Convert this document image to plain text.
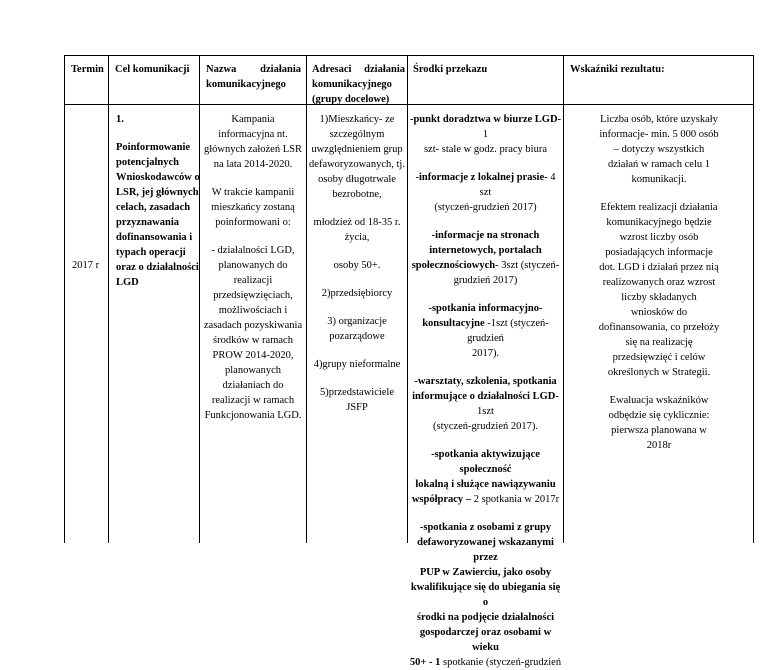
Termin Cel komunikacji Nazwa działania
komunikacyjnego
Adresaci działania
komunikacyjnego
(grupy docelowe)
Środki przekazu	Wskaźniki rezultatu:
2017 r
1.
Poinformowanie
potencjalnych
Wnioskodawców o
LSR, jej głównych
celach, zasadach
przyznawania
dofinansowania i
typach operacji
oraz o działalności
LGD
Kampania
informacyjna nt.
głównych założeń LSR
na lata 2014-2020.
W trakcie kampanii
mieszkańcy zostaną
poinformowani o:
- działalności LGD,
planowanych do
realizacji
przedsięwzięciach,
możliwościach i
zasadach pozyskiwania
środków w ramach
PROW 2014-2020,
planowanych
działaniach do
realizacji w ramach
Funkcjonowania LGD.
1)Mieszkańcy- ze
szczególnym
uwzględnieniem grup
defaworyzowanych, tj.
osoby długotrwale
bezrobotne,
młodzież od 18-35 r.
życia,
osoby 50+.
2)przedsiębiorcy
3) organizacje
pozarządowe
4)grupy nieformalne
5)przedstawiciele
JSFP
-punkt doradztwa w biurze LGD- 1
szt- stale w godz. pracy biura
-informacje z lokalnej prasie- 4 szt
(styczeń-grudzień 2017)
-informacje na stronach
internetowych, portalach
społecznościowych- 3szt (styczeń-
grudzień 2017)
-spotkania informacyjno-
konsultacyjne -1szt (styczeń-grudzień
2017).
-warsztaty, szkolenia, spotkania
informujące o działalności LGD- 1szt
(styczeń-grudzień 2017).
-spotkania aktywizujące społeczność
lokalną i służące nawiązywaniu
współpracy – 2 spotkania w 2017r
-spotkania z osobami z grupy
defaworyzowanej wskazanymi przez
PUP w Zawierciu, jako osoby
kwalifikujące się do ubiegania się o
środki na podjęcie działalności
gospodarczej oraz osobami w wieku
50+ - 1 spotkanie (styczeń-grudzień
Liczba osób, które uzyskały
informacje- min. 5 000 osób
– dotyczy wszystkich
działań w ramach celu 1
komunikacji.
Efektem realizacji działania
komunikacyjnego będzie
wzrost liczby osób
posiadających informacje
dot. LGD i działań przez nią
realizowanych oraz wzrost
liczby składanych
wniosków do
dofinansowania, co przełoży
się na realizację
przedsięwzięć i celów
określonych w Strategii.
Ewaluacja wskaźników
odbędzie się cyklicznie:
pierwsza planowana w
2018r
